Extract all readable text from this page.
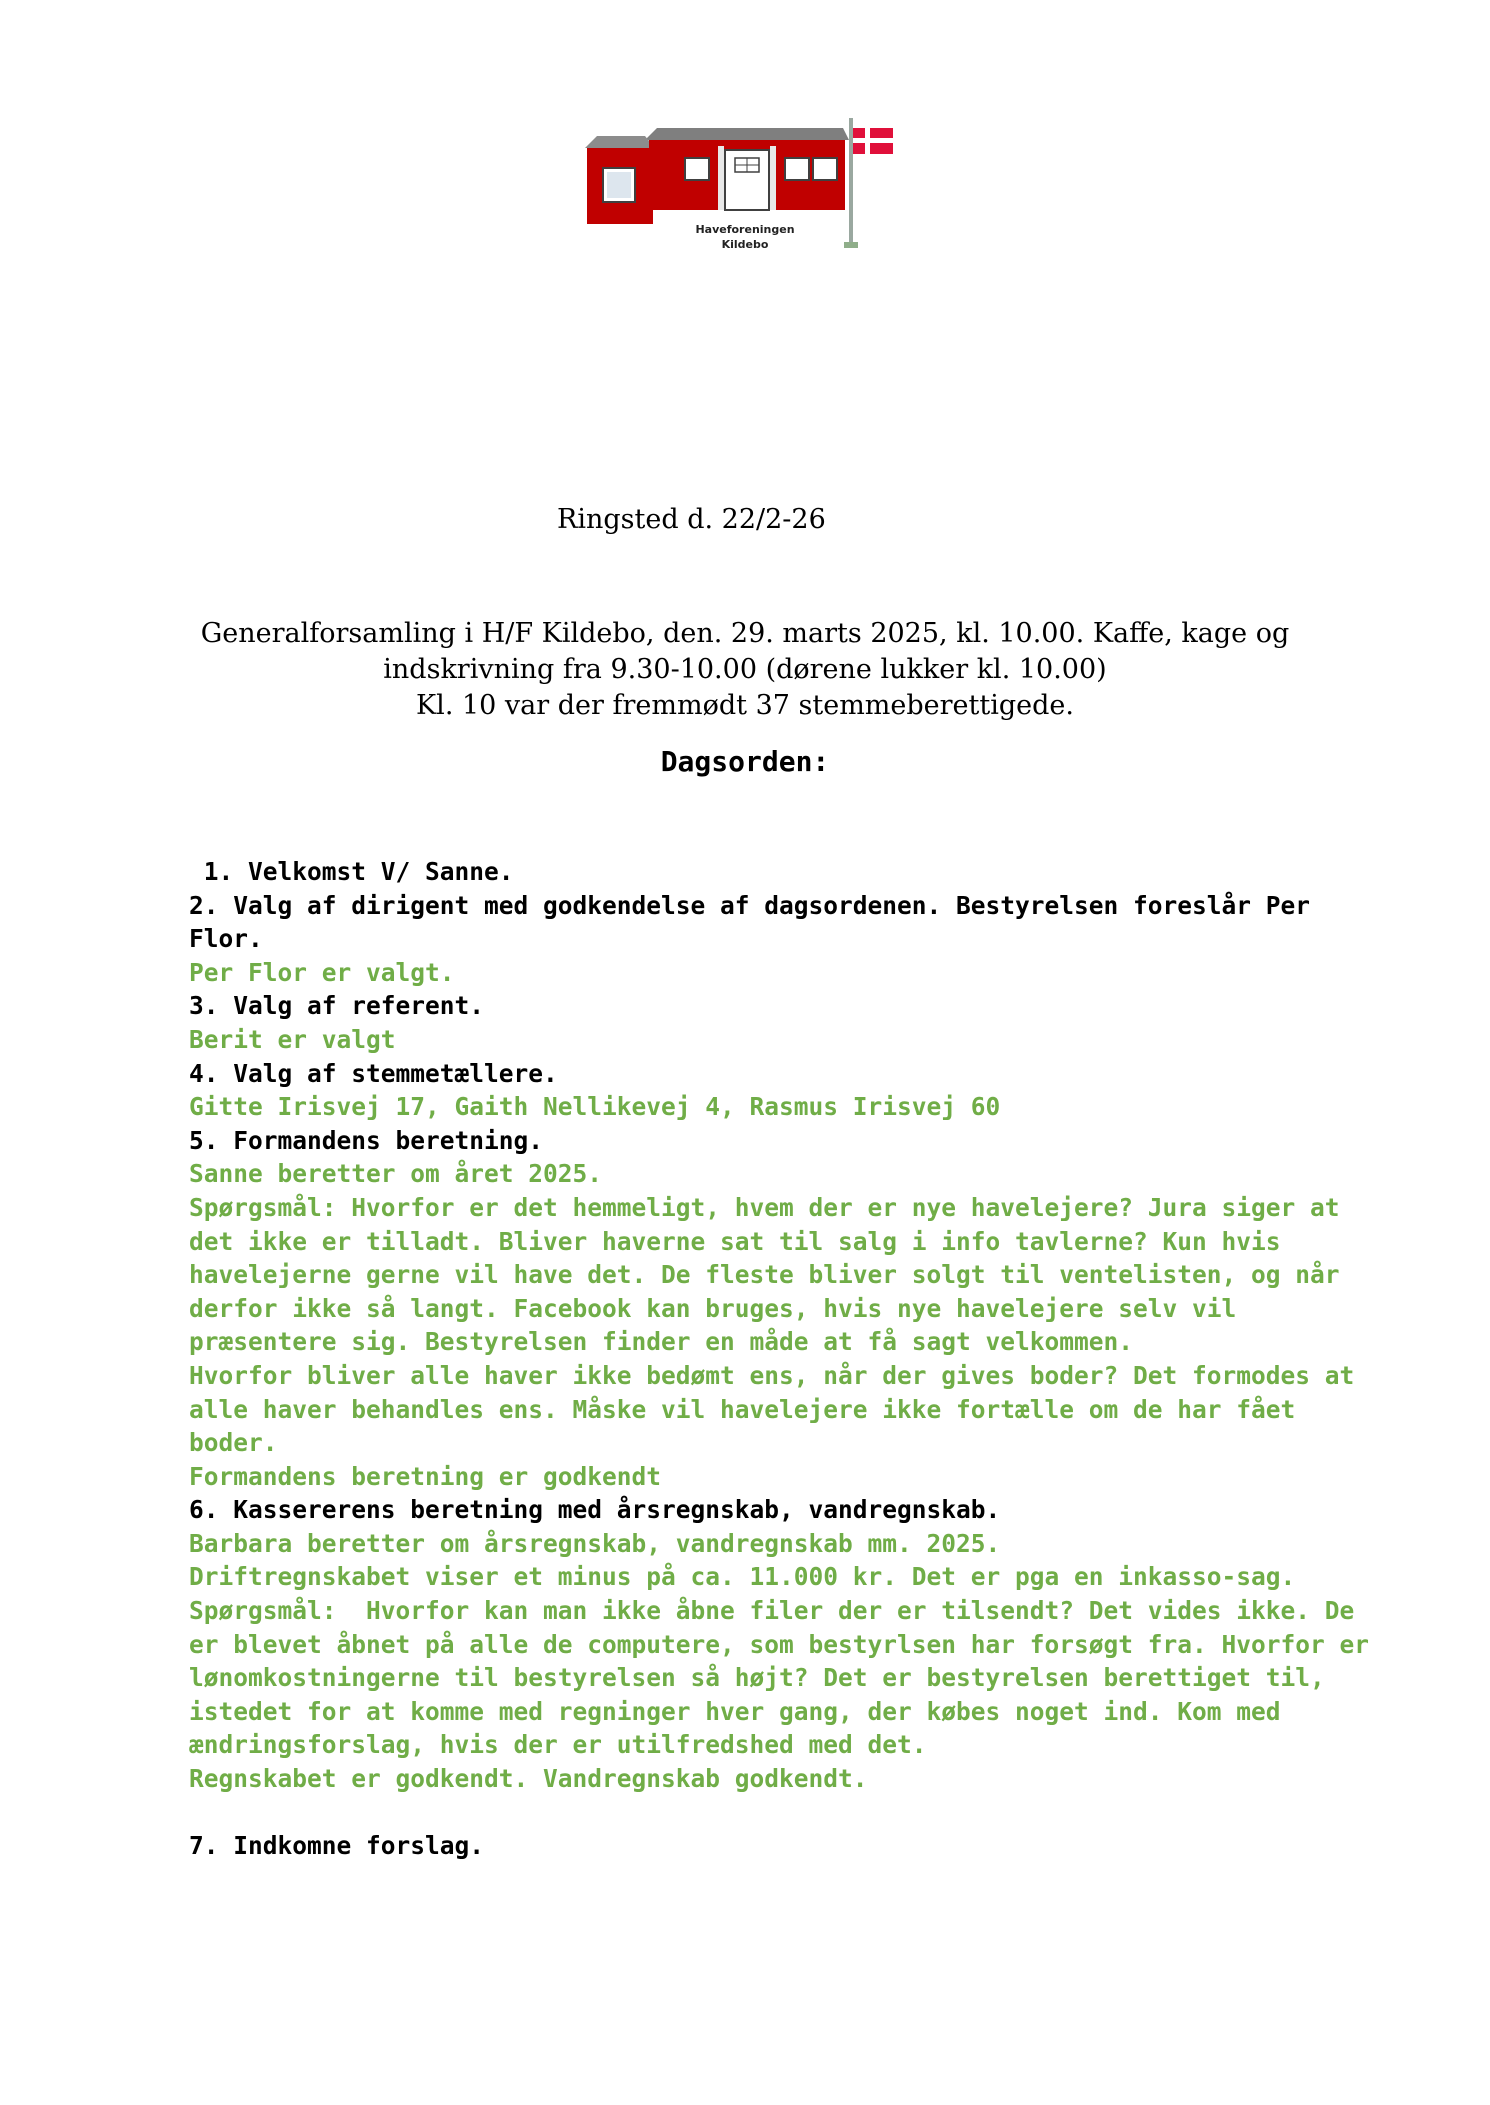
Haveforeningen
Kildebo
Ringsted d. 22/2-26
Generalforsamling i H/F Kildebo, den. 29. marts 2025, kl. 10.00. Kaffe, kage og
indskrivning fra 9.30-10.00 (dørene lukker kl. 10.00)
Kl. 10 var der fremmødt 37 stemmeberettigede.
Dagsorden:
1. Velkomst V/ Sanne.
2. Valg af dirigent med godkendelse af dagsordenen. Bestyrelsen foreslår Per
Flor.
Per Flor er valgt.
3. Valg af referent.
Berit er valgt
4. Valg af stemmetællere.
Gitte Irisvej 17, Gaith Nellikevej 4, Rasmus Irisvej 60
5. Formandens beretning.
Sanne beretter om året 2025.
Spørgsmål: Hvorfor er det hemmeligt, hvem der er nye havelejere? Jura siger at
det ikke er tilladt. Bliver haverne sat til salg i info tavlerne? Kun hvis
havelejerne gerne vil have det. De fleste bliver solgt til ventelisten, og når
derfor ikke så langt. Facebook kan bruges, hvis nye havelejere selv vil
præsentere sig. Bestyrelsen finder en måde at få sagt velkommen.
Hvorfor bliver alle haver ikke bedømt ens, når der gives boder? Det formodes at
alle haver behandles ens. Måske vil havelejere ikke fortælle om de har fået
boder.
Formandens beretning er godkendt
6. Kassererens beretning med årsregnskab, vandregnskab.
Barbara beretter om årsregnskab, vandregnskab mm. 2025.
Driftregnskabet viser et minus på ca. 11.000 kr. Det er pga en inkasso-sag.
Spørgsmål:  Hvorfor kan man ikke åbne filer der er tilsendt? Det vides ikke. De
er blevet åbnet på alle de computere, som bestyrlsen har forsøgt fra. Hvorfor er
lønomkostningerne til bestyrelsen så højt? Det er bestyrelsen berettiget til,
istedet for at komme med regninger hver gang, der købes noget ind. Kom med
ændringsforslag, hvis der er utilfredshed med det.
Regnskabet er godkendt. Vandregnskab godkendt.
7. Indkomne forslag.
